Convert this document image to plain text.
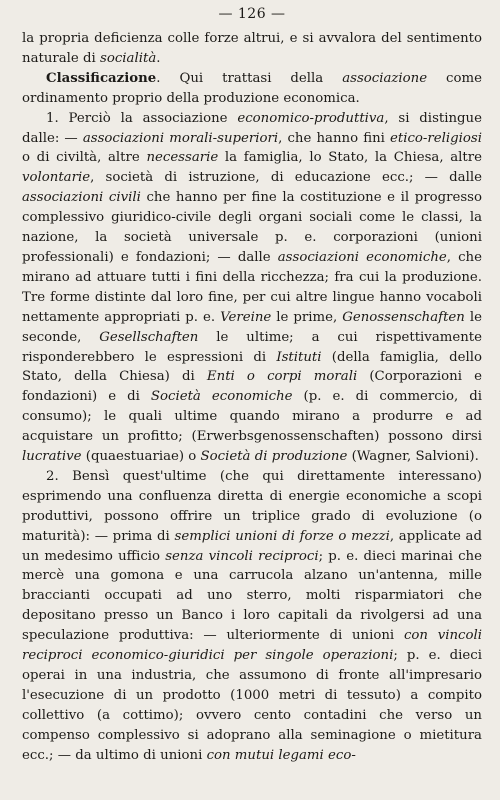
— 126 —

la propria deficienza colle forze altrui, e si avvalora del sentimento naturale di socialità.

Classificazione. Qui trattasi della associazione come ordinamento proprio della produzione economica.

1. Perciò la associazione economico-produttiva, si distingue dalle: — associazioni morali-superiori, che hanno fini etico-religiosi o di civiltà, altre necessarie la famiglia, lo Stato, la Chiesa, altre volontarie, società di istruzione, di educazione ecc.; — dalle associazioni civili che hanno per fine la costituzione e il progresso complessivo giuridico-civile degli organi sociali come le classi, la nazione, la società universale p. e. corporazioni (unioni professionali) e fondazioni; — dalle associazioni economiche, che mirano ad attuare tutti i fini della ricchezza; fra cui la produzione. Tre forme distinte dal loro fine, per cui altre lingue hanno vocaboli nettamente appropriati p. e. Vereine le prime, Genossenschaften le seconde, Gesellschaften le ultime; a cui rispettivamente risponderebbero le espressioni di Istituti (della famiglia, dello Stato, della Chiesa) di Enti o corpi morali (Corporazioni e fondazioni) e di Società economiche (p. e. di commercio, di consumo); le quali ultime quando mirano a produrre e ad acquistare un profitto; (Erwerbsgenossenschaften) possono dirsi lucrative (quaestuariae) o Società di produzione (Wagner, Salvioni).

2. Bensì quest'ultime (che qui direttamente interessano) esprimendo una confluenza diretta di energie economiche a scopi produttivi, possono offrire un triplice grado di evoluzione (o maturità): — prima di semplici unioni di forze o mezzi, applicate ad un medesimo ufficio senza vincoli reciproci; p. e. dieci marinai che mercè una gomona e una carrucola alzano un'antenna, mille braccianti occupati ad uno sterro, molti risparmiatori che depositano presso un Banco i loro capitali da rivolgersi ad una speculazione produttiva: — ulteriormente di unioni con vincoli reciproci economico-giuridici per singole operazioni; p. e. dieci operai in una industria, che assumono di fronte all'impresario l'esecuzione di un prodotto (1000 metri di tessuto) a compito collettivo (a cottimo); ovvero cento contadini che verso un compenso complessivo si adoprano alla seminagione o mietitura ecc.; — da ultimo di unioni con mutui legami eco-
